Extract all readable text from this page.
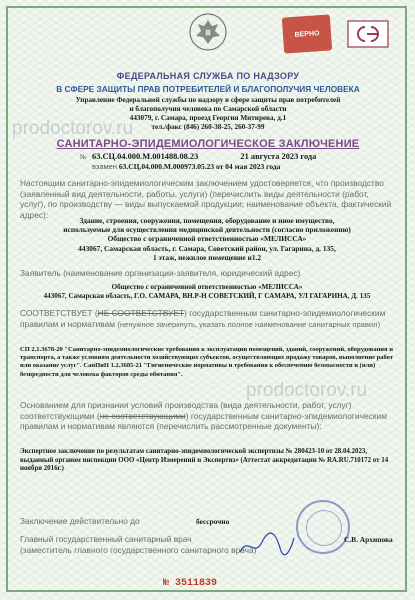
ВЕРНО
ФЕДЕРАЛЬНАЯ СЛУЖБА ПО НАДЗОРУ
В СФЕРЕ ЗАЩИТЫ ПРАВ ПОТРЕБИТЕЛЕЙ И БЛАГОПОЛУЧИЯ ЧЕЛОВЕКА
Управление Федеральной службы по надзору в сфере защиты прав потребителей
и благополучия человека по Самарской области
443079, г. Самара, проезд Георгия Митирева, д.1
тел./факс (846) 260-38-25, 260-37-99
prodoctorov.ru
prodoctorov.ru
САНИТАРНО-ЭПИДЕМИОЛОГИЧЕСКОЕ ЗАКЛЮЧЕНИЕ
№ 63.СЦ.04.000.М.001488.08.23	21 августа 2023 года
взамен 63.СЦ.04.000.М.000973.05.23 от 04 мая 2023 года
Настоящим санитарно-эпидемиологическим заключением удостоверяется, что производство (заявленный вид деятельности, работы, услуги) (перечислить виды деятельности (работ, услуг), по производству — виды выпускаемой продукции; наименование объекта, фактический адрес):
Здание, строения, сооружения, помещения, оборудование и иное имущество,
используемые для осуществления медицинской деятельности (согласно приложению)
Общество с ограниченной ответственностью «МЕЛИССА»
443067, Самарская область, г. Самара, Советский район, ул. Гагарина, д. 135,
1 этаж, нежилое помещение н1.2
Заявитель (наименование организации-заявителя, юридический адрес)
Общество с ограниченной ответственностью «МЕЛИССА»
443067, Самарская область, Г.О. САМАРА, ВН.Р-Н СОВЕТСКИЙ, Г САМАРА, УЛ ГАГАРИНА, Д. 135
СООТВЕТСТВУЕТ (НЕ СООТВЕТСТВУЕТ) государственным санитарно-эпидемиологическим правилам и нормативам (ненужное зачеркнуть, указать полное наименование санитарных правил)
СП 2.1.3678-20 "Санитарно-эпидемиологические требования к эксплуатации помещений, зданий, сооружений, оборудования и транспорта, а также условиям деятельности хозяйствующих субъектов, осуществляющих продажу товаров, выполнение работ или оказание услуг". СанПиН 1.2.3685-21 "Гигиенические нормативы и требования к обеспечению безопасности и (или) безвредности для человека факторов среды обитания".
Основанием для признания условий производства (вида деятельности, работ, услуг) соответствующими (не соответствующими) государственным санитарно-эпидемиологическим правилам и нормативам являются (перечислить рассмотренные документы):
Экспертное заключение по результатам санитарно-эпидемиологической экспертизы № 280423-10 от 28.04.2023, выданный органом инспекции ООО «Центр Измерений и Экспертиз» (Аттестат аккредитации № RA.RU.710172 от 14 ноября 2016г.)
Заключение действительно до	бессрочно
Главный государственный санитарный врач
(заместитель главного государственного санитарного врача)
С.В. Архипова
№ 3511839
